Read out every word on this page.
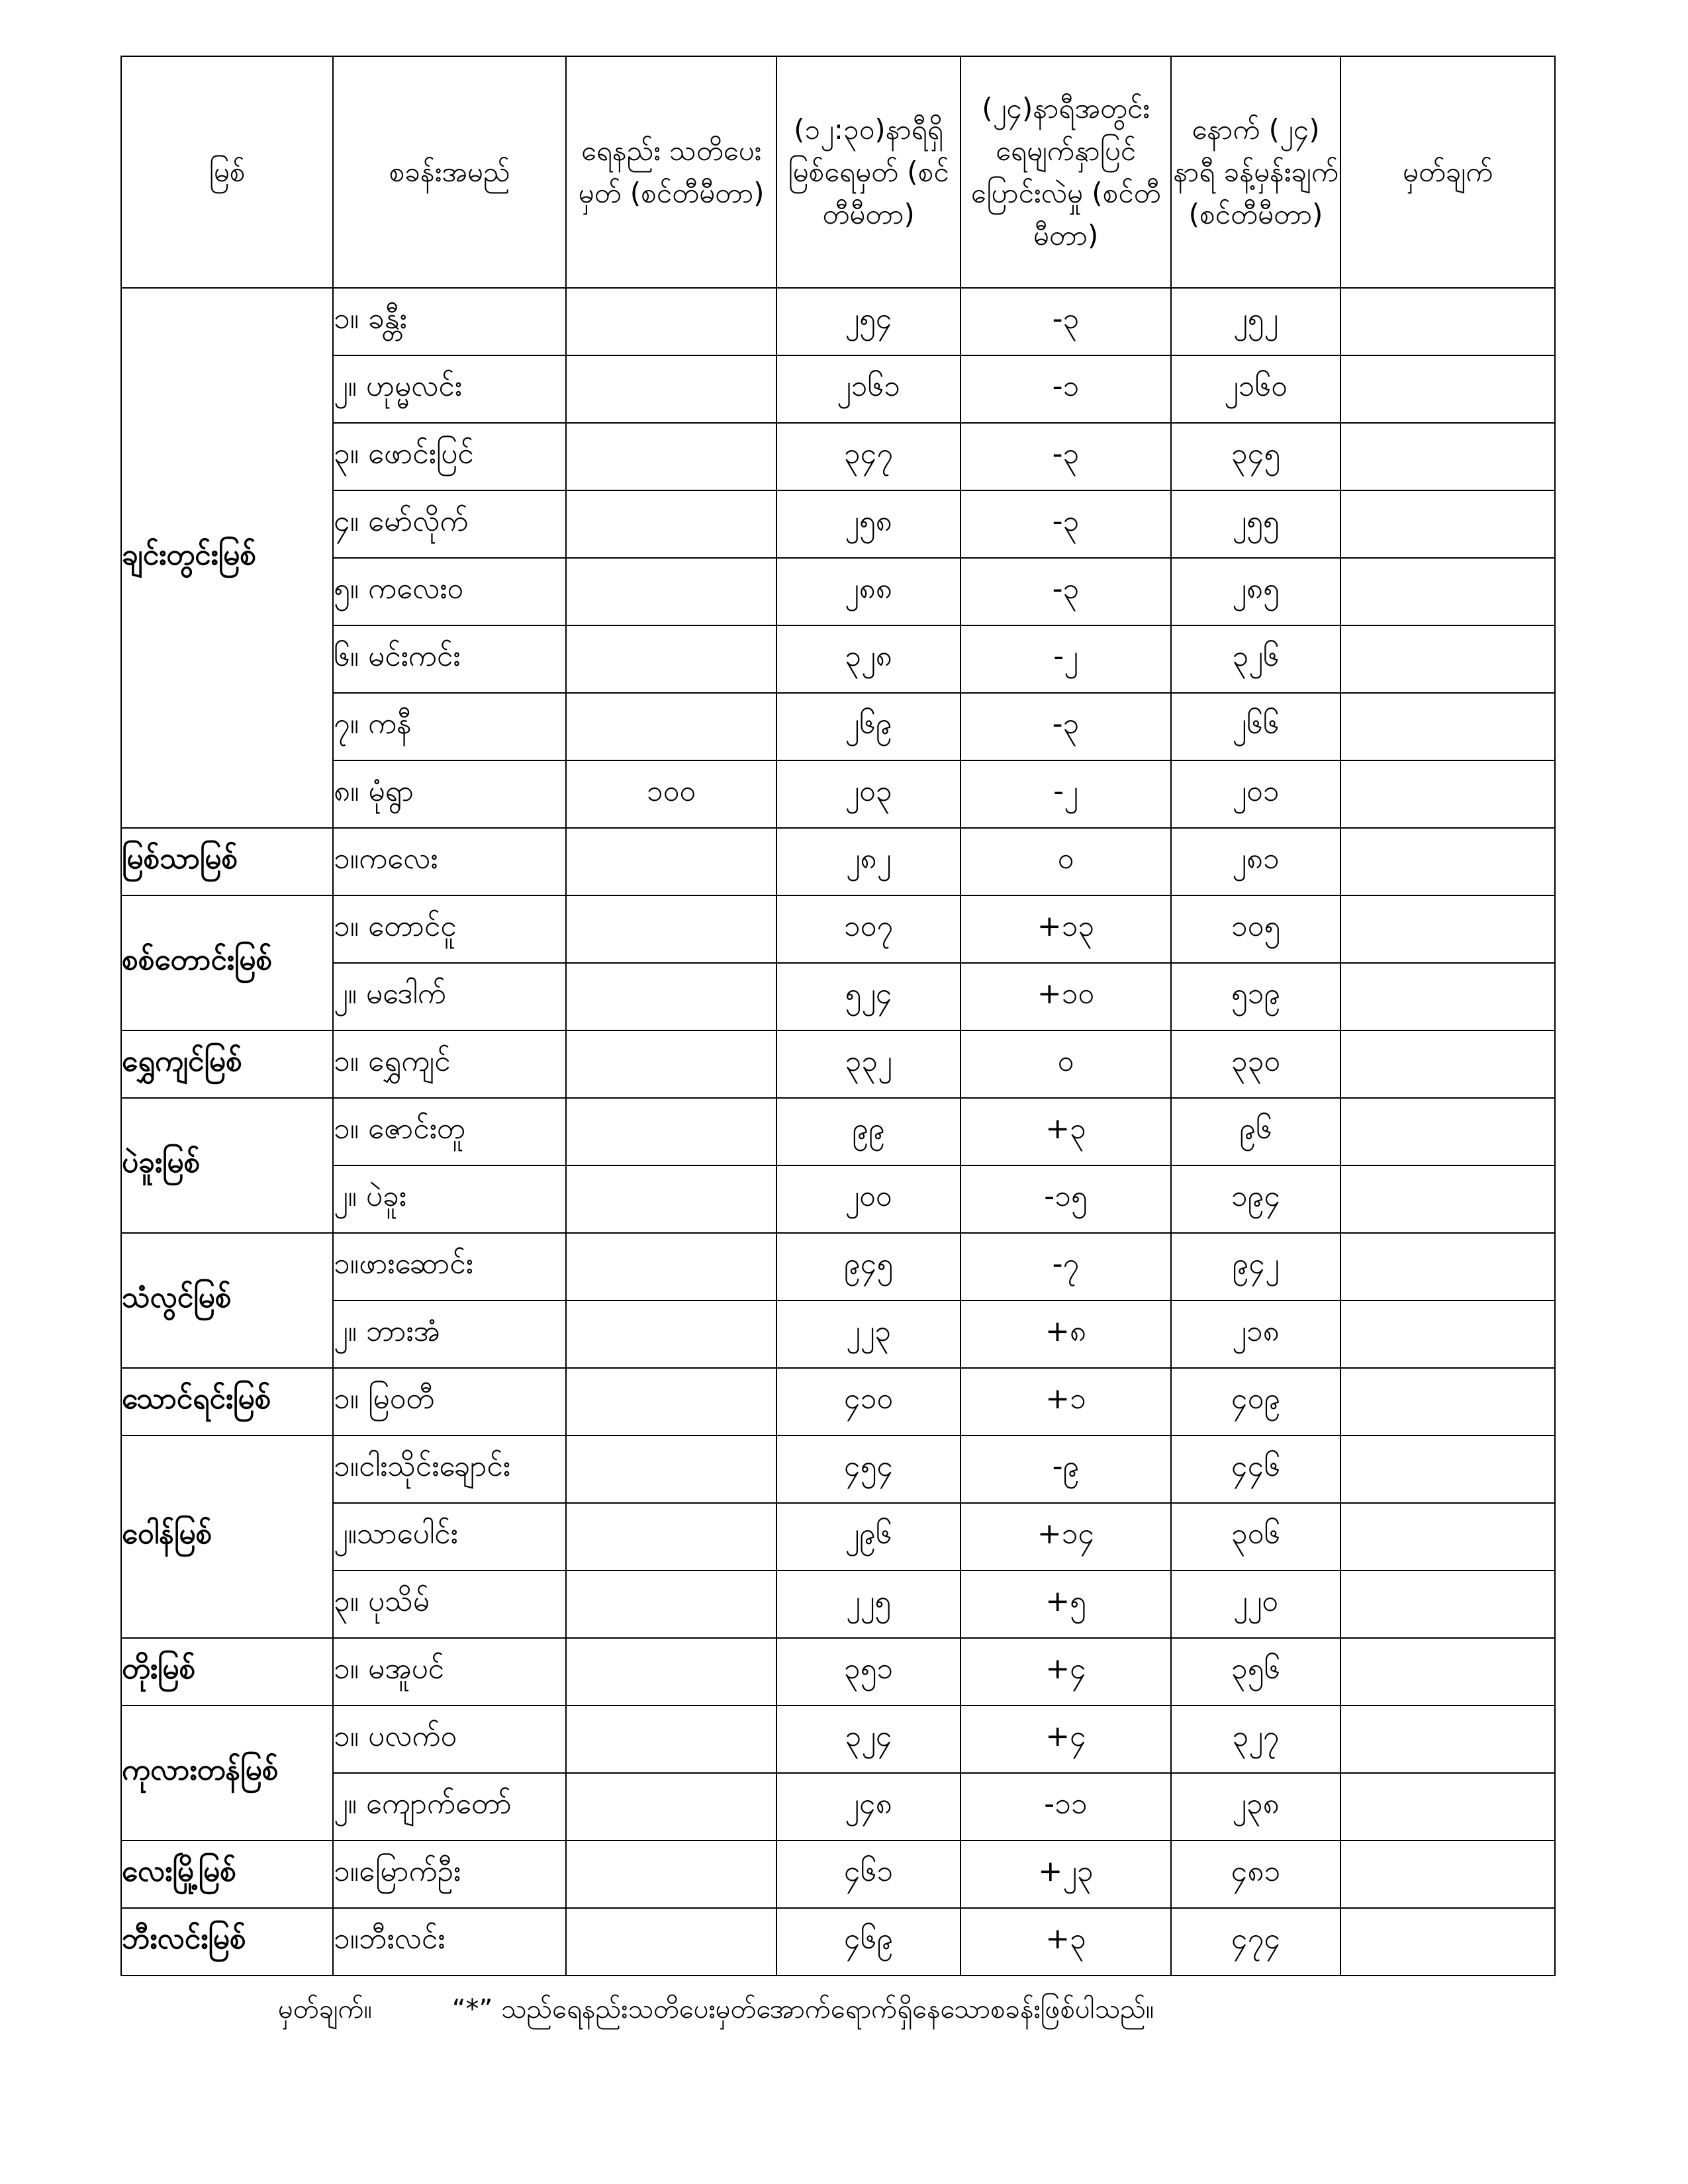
မြစ်	စခန်းအမည်	ရေနည်း သတိပေးမှတ် (စင်တီမီတာ)	(၁၂:၃၀)နာရီရှိ မြစ်ရေမှတ် (စင်တီမီတာ)	(၂၄)နာရီအတွင်း ရေမျက်နှာပြင် ပြောင်းလဲမှု (စင်တီမီတာ)	နောက် (၂၄) နာရီ ခန့်မှန်းချက် (စင်တီမီတာ)	မှတ်ချက်
ချင်းတွင်းမြစ်	၁။ ခန္တီး		၂၅၄	-၃	၂၅၂	
	၂။ ဟုမ္မလင်း		၂၁၆၁	-၁	၂၁၆၀	
	၃။ ဖောင်းပြင်		၃၄၇	-၃	၃၄၅	
	၄။ မော်လိုက်		၂၅၈	-၃	၂၅၅	
	၅။ ကလေးဝ		၂၈၈	-၃	၂၈၅	
	၆။ မင်းကင်း		၃၂၈	-၂	၃၂၆	
	၇။ ကနီ		၂၆၉	-၃	၂၆၆	
	၈။ မုံရွာ	၁၀၀	၂၀၃	-၂	၂၀၁	
မြစ်သာမြစ်	၁။ကလေး		၂၈၂	၀	၂၈၁	
စစ်တောင်းမြစ်	၁။ တောင်ငူ		၁၀၇	+၁၃	၁၀၅	
	၂။ မဒေါက်		၅၂၄	+၁၀	၅၁၉	
ရွှေကျင်မြစ်	၁။ ရွှေကျင်		၃၃၂	၀	၃၃၀	
ပဲခူးမြစ်	၁။ ဇောင်းတူ		၉၉	+၃	၉၆	
	၂။ ပဲခူး		၂၀၀	-၁၅	၁၉၄	
သံလွင်မြစ်	၁။ဖားဆောင်း		၉၄၅	-၇	၉၄၂	
	၂။ ဘားအံ		၂၂၃	+၈	၂၁၈	
သောင်ရင်းမြစ်	၁။ မြဝတီ		၄၁၀	+၁	၄၀၉	
ဝေါန်မြစ်	၁။ငါးသိုင်းချောင်း		၄၅၄	-၉	၄၄၆	
	၂။သာပေါင်း		၂၉၆	+၁၄	၃၀၆	
	၃။ ပုသိမ်		၂၂၅	+၅	၂၂၀	
တိုးမြစ်	၁။ မအူပင်		၃၅၁	+၄	၃၅၆	
ကုလားတန်မြစ်	၁။ ပလက်ဝ		၃၂၄	+၄	၃၂၇	
	၂။ ကျောက်တော်		၂၄၈	-၁၁	၂၃၈	
လေးမြို့မြစ်	၁။မြောက်ဦး		၄၆၁	+၂၃	၄၈၁	
ဘီးလင်းမြစ်	၁။ဘီးလင်း		၄၆၉	+၃	၄၇၄	
မှတ်ချက်။	“*” သည်ရေနည်းသတိပေးမှတ်အောက်ရောက်ရှိနေသောစခန်းဖြစ်ပါသည်။
